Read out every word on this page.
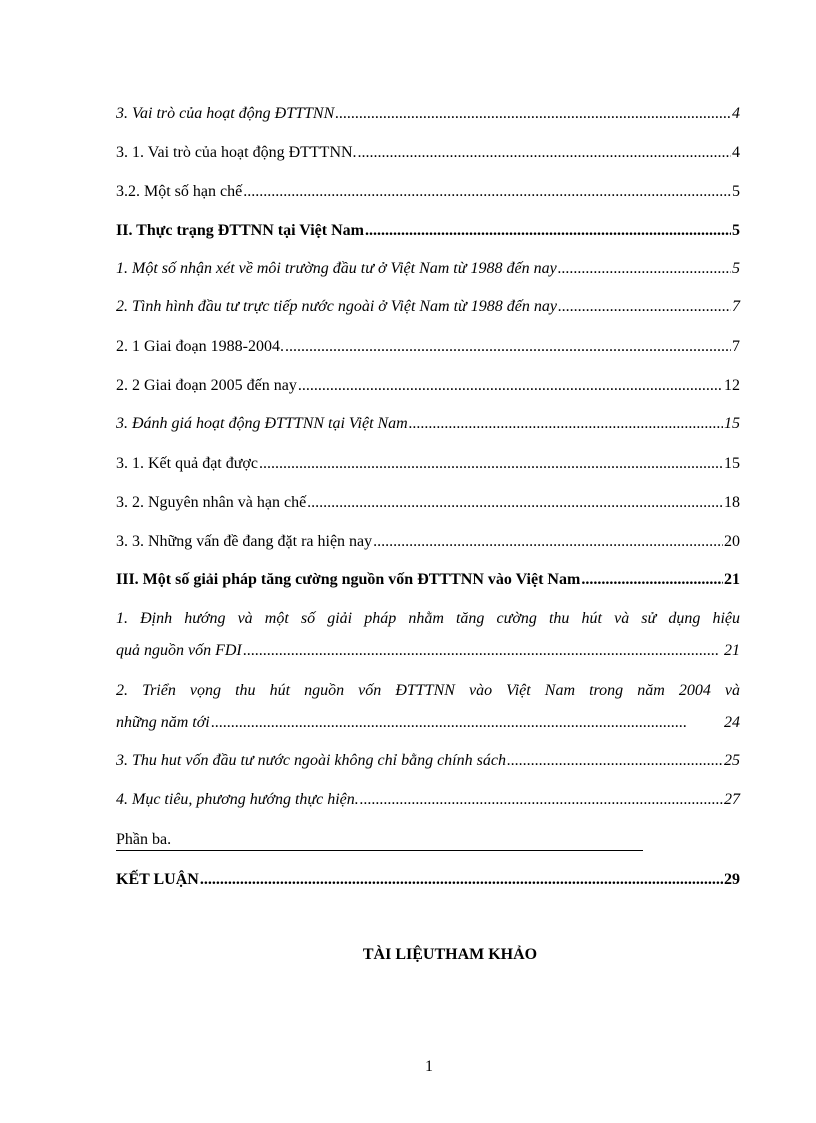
3. Vai trò của hoạt động ĐTTTNN . . .	4
3. 1. Vai trò của hoạt động ĐTTTNN. . . .	4
3.2. Một số hạn chế . . .	5
II. Thực trạng ĐTTNN tại Việt Nam . . .	5
1. Một số nhận xét về môi trường đầu tư ở Việt Nam từ 1988 đến nay . . .	5
2. Tình hình đầu tư trực tiếp nước ngoài ở Việt Nam từ 1988 đến nay . . .	7
2. 1 Giai đoạn 1988-2004. . . .	7
2. 2 Giai đoạn 2005 đến nay . . .	12
3. Đánh giá hoạt động ĐTTTNN tại Việt Nam . . .	15
3. 1. Kết quả đạt được . . .	15
3. 2. Nguyên nhân và hạn chế . . .	18
3. 3. Những vấn đề đang đặt ra hiện nay . . .	20
III. Một số giải pháp tăng cường nguồn vốn ĐTTTNN vào Việt Nam . . .	21
1. Định hướng và một số giải pháp nhằm tăng cường thu hút và sử dụng hiệu
quả nguồn vốn FDI . . .	21
2. Triển vọng thu hút nguồn vốn ĐTTTNN vào Việt Nam trong năm 2004 và
những năm tới . . .	24
3. Thu hut vốn đầu tư nước ngoài không chỉ bằng chính sách . . .	25
4. Mục tiêu, phương hướng thực hiện. . . .	27
Phần ba.
KẾT LUẬN . . .	29
TÀI LIỆUTHAM KHẢO
1
